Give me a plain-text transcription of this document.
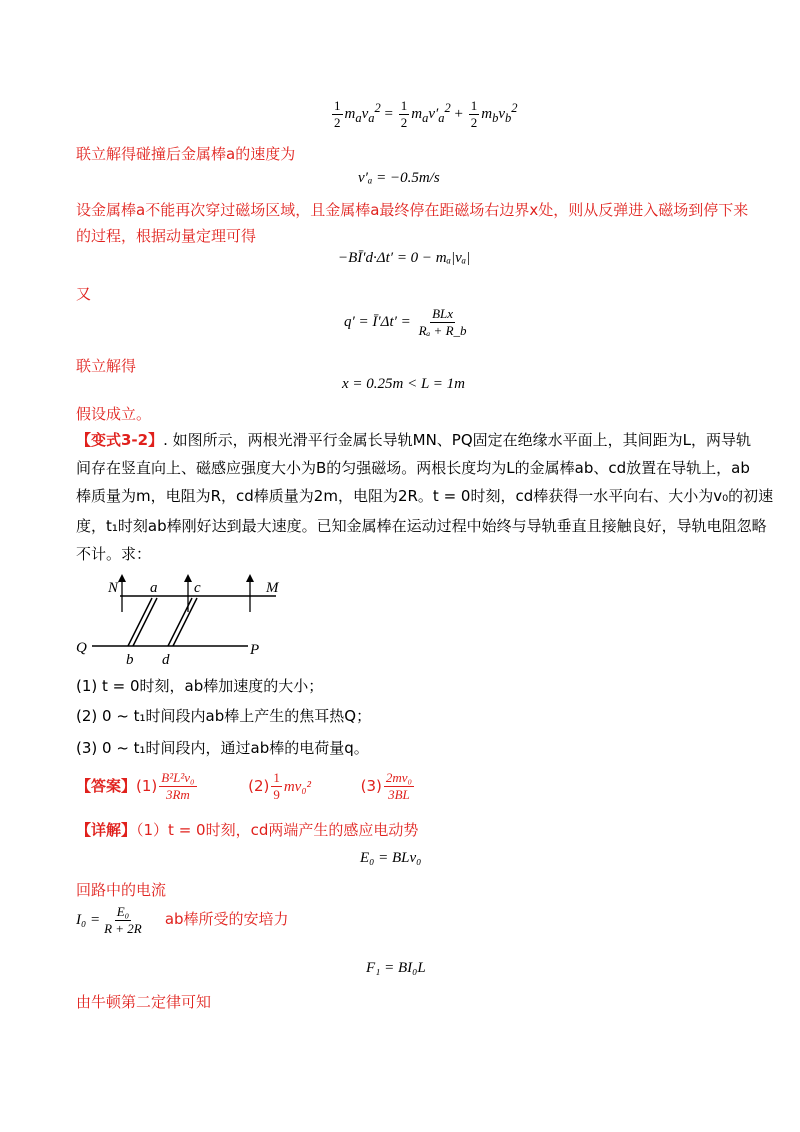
$\frac{1}{2} m_av_a^2 = \frac{1}{2} m_av'_a^2 + \frac{1}{2} m_bv_b^2$
联立解得碰撞后金属棒a的速度为
v′ₐ = −0.5m/s
设金属棒a不能再次穿过磁场区域，且金属棒a最终停在距磁场右边界x处，则从反弹进入磁场到停下来
的过程，根据动量定理可得
−BĪ′d·Δt′ = 0 − mₐ|vₐ|
又
q′ = Ī′Δt′ = $\frac{\text{BLx}}{\text{Rₐ + R\_b}}$
联立解得
x = 0.25m < L = 1m
假设成立。
【变式3-2】. 如图所示，两根光滑平行金属长导轨MN、PQ固定在绝缘水平面上，其间距为L，两导轨
间存在竖直向上、磁感应强度大小为B的匀强磁场。两根长度均为L的金属棒ab、cd放置在导轨上，ab
棒质量为m，电阻为R，cd棒质量为2m，电阻为2R。t = 0时刻，cd棒获得一水平向右、大小为v₀的初速
度，t₁时刻ab棒刚好达到最大速度。已知金属棒在运动过程中始终与导轨垂直且接触良好，导轨电阻忽略
不计。求：
N a c	M
Q	P
b d
(1) t = 0时刻，ab棒加速度的大小；
(2) 0 ~ t₁时间段内ab棒上产生的焦耳热Q；
(3) 0 ~ t₁时间段内，通过ab棒的电荷量q。
【答案】$(1) \frac{\text{B²L²v₀}}{3Rm}$	$(2) \frac{1}{9} mv_0^2$	$(3) \frac{\text{2mv₀}}{3BL}$
【详解】（1）t = 0时刻，cd两端产生的感应电动势
E₀ = BLv₀
回路中的电流
$I_0 = \frac{\text{E₀}}{R + 2R}$ ab棒所受的安培力
F₁ = BI₀L
由牛顿第二定律可知
